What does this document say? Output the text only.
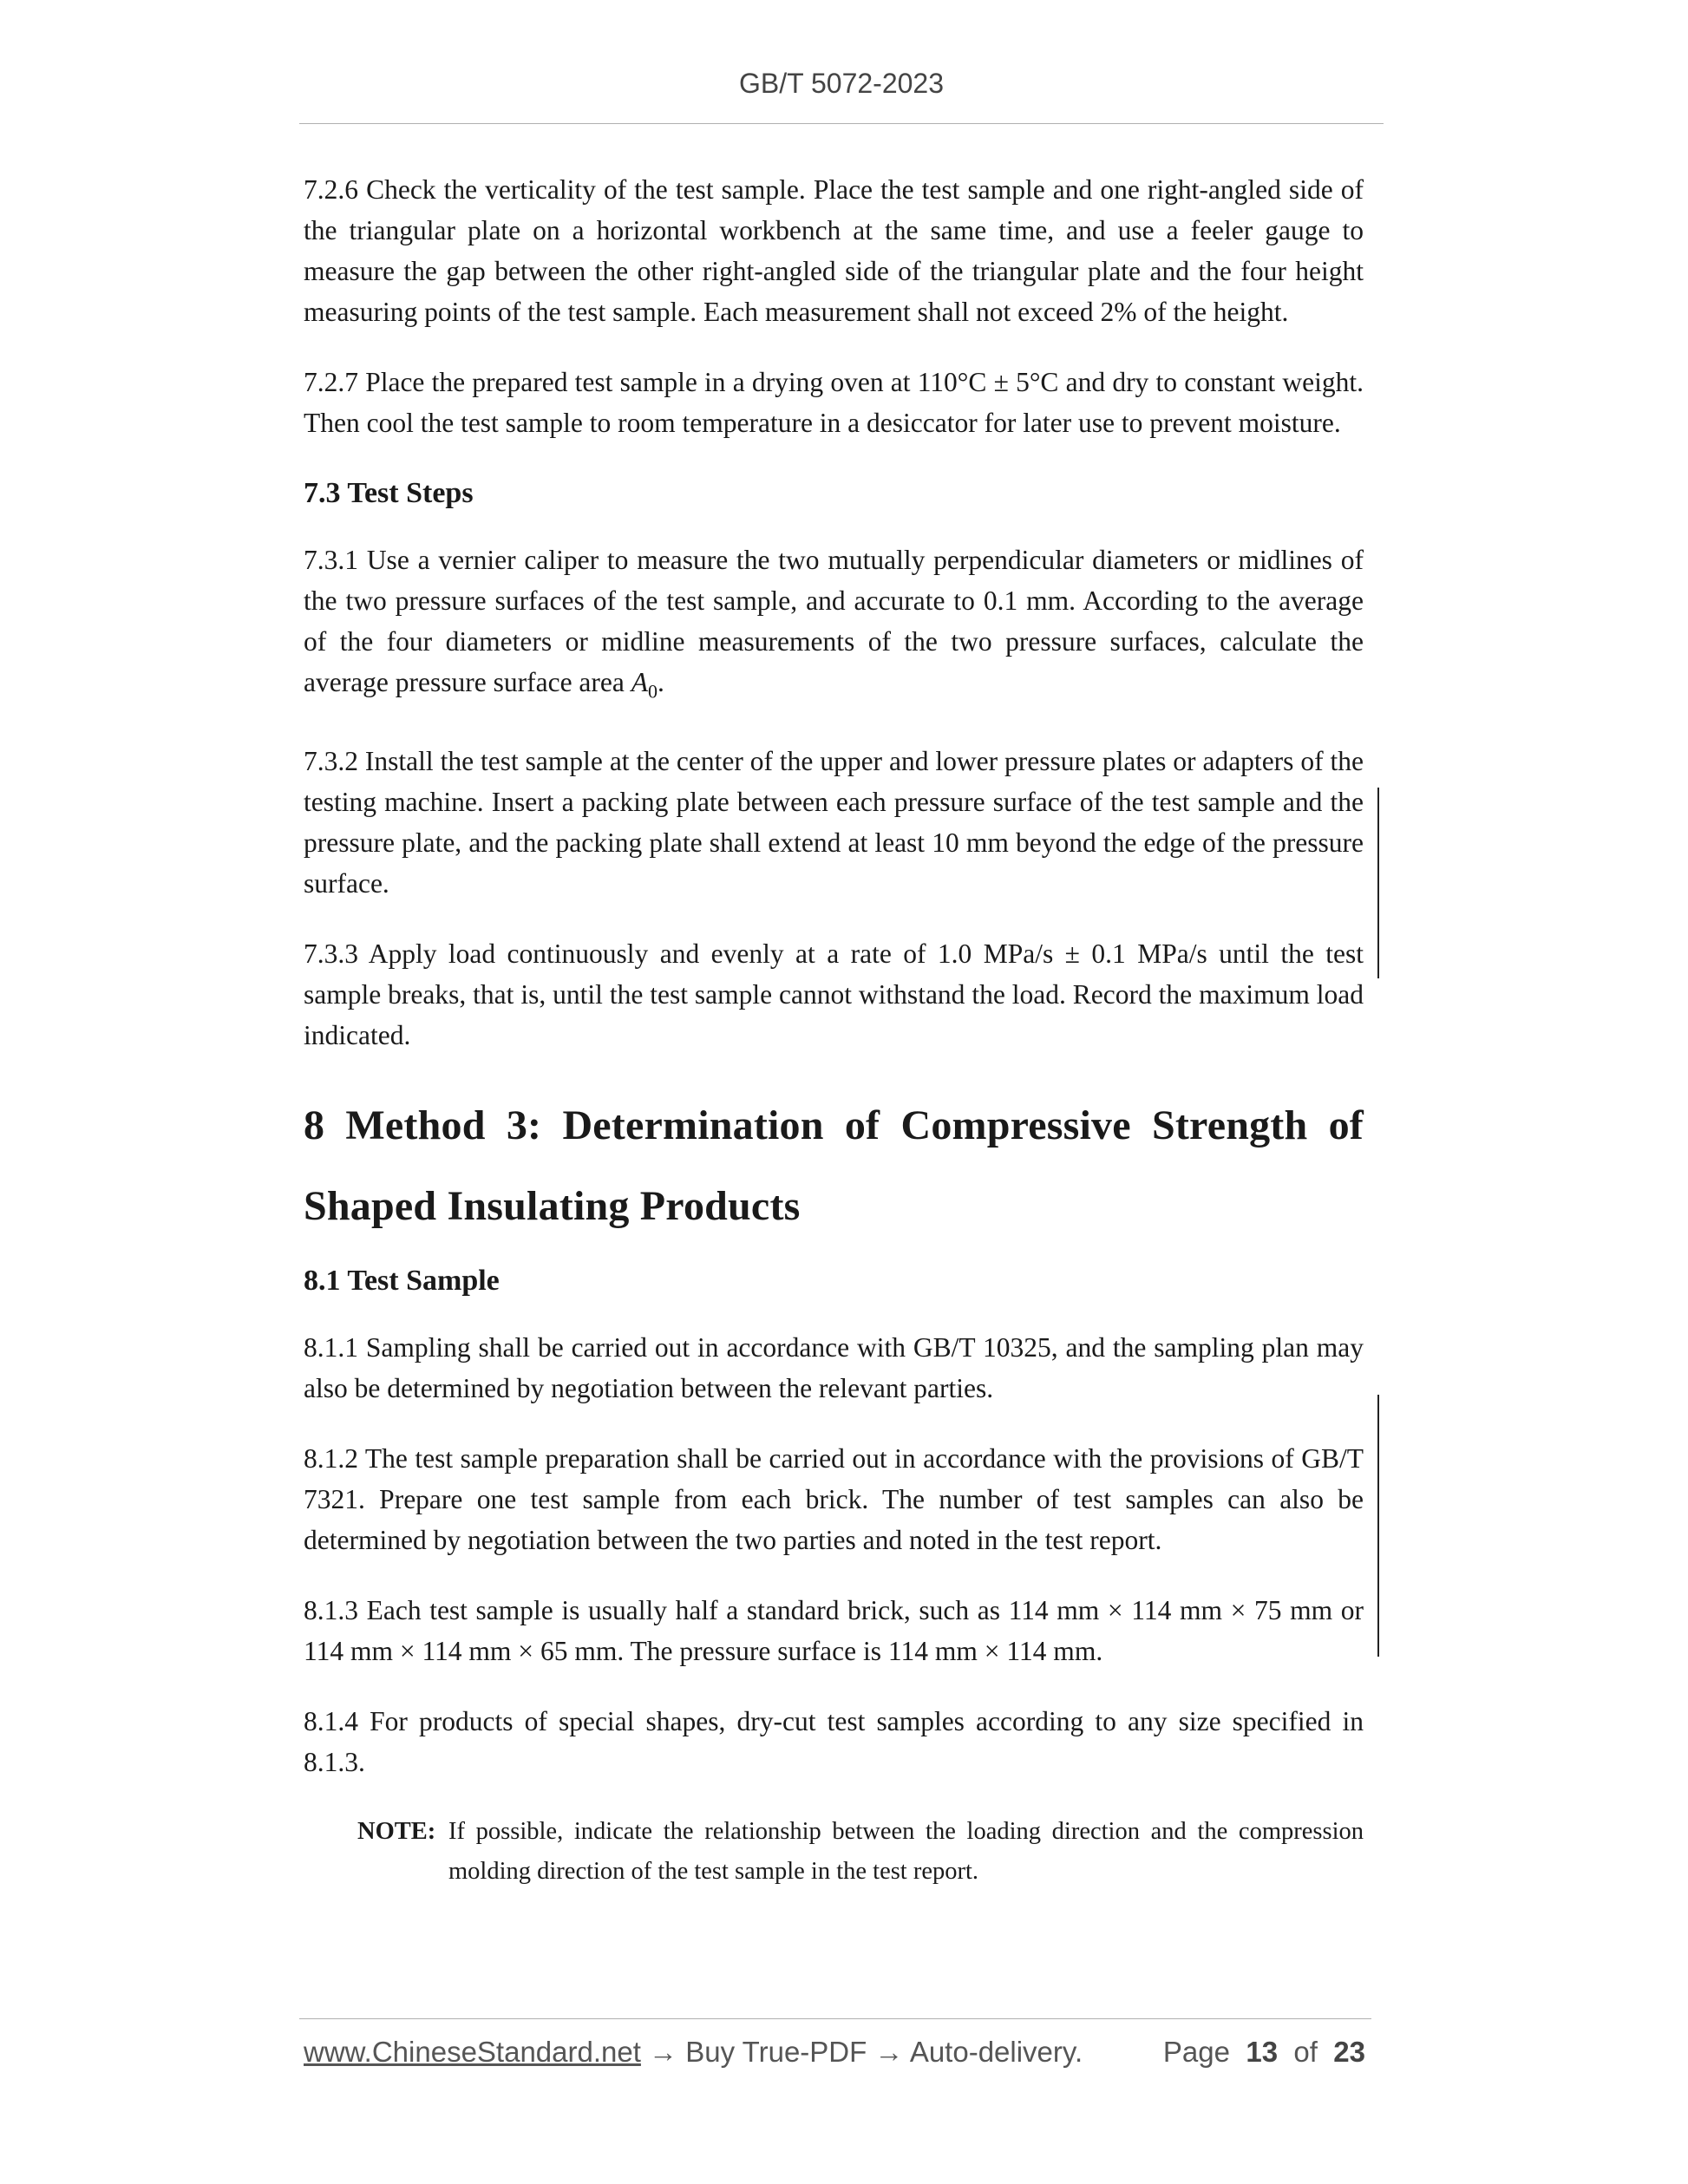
GB/T 5072-2023

7.2.6 Check the verticality of the test sample. Place the test sample and one right-angled side of the triangular plate on a horizontal workbench at the same time, and use a feeler gauge to measure the gap between the other right-angled side of the triangular plate and the four height measuring points of the test sample. Each measurement shall not exceed 2% of the height.

7.2.7 Place the prepared test sample in a drying oven at 110°C ± 5°C and dry to constant weight. Then cool the test sample to room temperature in a desiccator for later use to prevent moisture.

7.3 Test Steps

7.3.1 Use a vernier caliper to measure the two mutually perpendicular diameters or midlines of the two pressure surfaces of the test sample, and accurate to 0.1 mm. According to the average of the four diameters or midline measurements of the two pressure surfaces, calculate the average pressure surface area $A_0$.

7.3.2 Install the test sample at the center of the upper and lower pressure plates or adapters of the testing machine. Insert a packing plate between each pressure surface of the test sample and the pressure plate, and the packing plate shall extend at least 10 mm beyond the edge of the pressure surface.

7.3.3 Apply load continuously and evenly at a rate of 1.0 MPa/s ± 0.1 MPa/s until the test sample breaks, that is, until the test sample cannot withstand the load. Record the maximum load indicated.

8 Method 3: Determination of Compressive Strength of Shaped Insulating Products
8.1 Test Sample

8.1.1 Sampling shall be carried out in accordance with GB/T 10325, and the sampling plan may also be determined by negotiation between the relevant parties.

8.1.2 The test sample preparation shall be carried out in accordance with the provisions of GB/T 7321. Prepare one test sample from each brick. The number of test samples can also be determined by negotiation between the two parties and noted in the test report.

8.1.3 Each test sample is usually half a standard brick, such as 114 mm × 114 mm × 75 mm or 114 mm × 114 mm × 65 mm. The pressure surface is 114 mm × 114 mm.

8.1.4 For products of special shapes, dry-cut test samples according to any size specified in 8.1.3.

NOTE: If possible, indicate the relationship between the loading direction and the compression molding direction of the test sample in the test report.
www.ChineseStandard.net → Buy True-PDF → Auto-delivery.	Page 13 of 23
